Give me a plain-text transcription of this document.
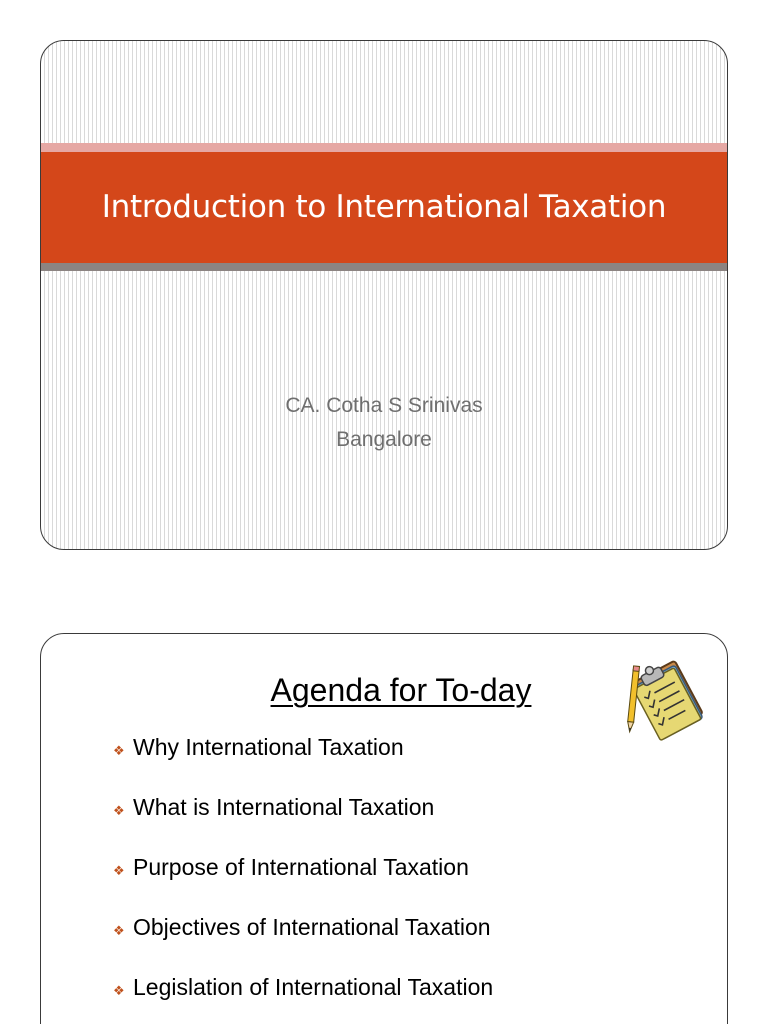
Introduction to International Taxation
CA. Cotha S Srinivas
Bangalore
Agenda for To-day
❖ Why International Taxation
❖ What is International Taxation
❖ Purpose of International Taxation
❖ Objectives of International Taxation
❖ Legislation of International Taxation
